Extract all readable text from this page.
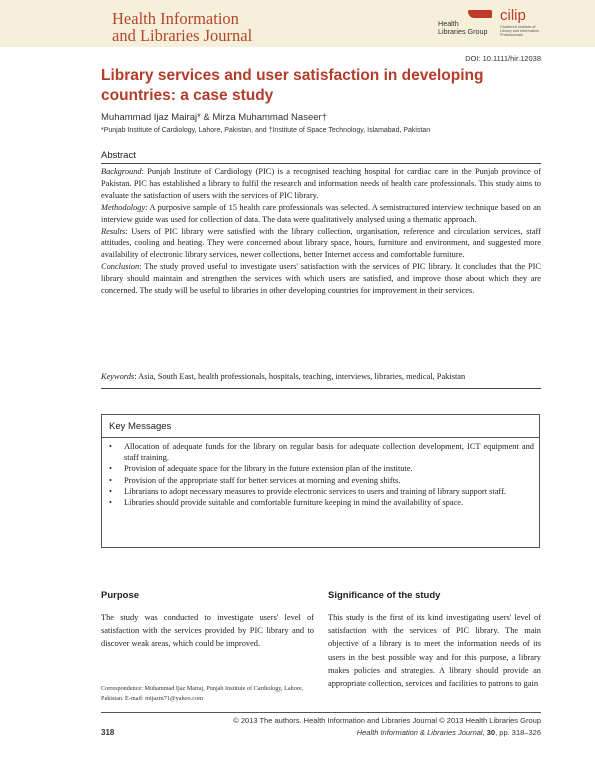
Health Information
and Libraries Journal
Health
Libraries Group
cilip
Chartered Institute of Library and Information Professionals
DOI: 10.1111/hir.12038
Library services and user satisfaction in developing countries: a case study
Muhammad Ijaz Mairaj* & Mirza Muhammad Naseer†
*Punjab Institute of Cardiology, Lahore, Pakistan, and †Institute of Space Technology, Islamabad, Pakistan
Abstract

Background: Punjab Institute of Cardiology (PIC) is a recognised teaching hospital for cardiac care in the Punjab province of Pakistan. PIC has established a library to fulfil the research and information needs of health care professionals. This study aims to evaluate the satisfaction of users with the services of PIC library.

Methodology: A purposive sample of 15 health care professionals was selected. A semistructured interview technique based on an interview guide was used for collection of data. The data were qualitatively analysed using a thematic approach.

Results: Users of PIC library were satisfied with the library collection, organisation, reference and circulation services, staff attitudes, cooling and heating. They were concerned about library space, hours, furniture and environment, and suggested more availability of electronic library services, newer collections, better Internet access and comfortable furniture.

Conclusion: The study proved useful to investigate users' satisfaction with the services of PIC library. It concludes that the PIC library should maintain and strengthen the services with which users are satisfied, and improve those about which they are concerned. The study will be useful to libraries in other developing countries for improvement in their services.

Keywords: Asia, South East, health professionals, hospitals, teaching, interviews, libraries, medical, Pakistan
Key Messages
• Allocation of adequate funds for the library on regular basis for adequate collection development, ICT equipment and staff training.
• Provision of adequate space for the library in the future extension plan of the institute.
• Provision of the appropriate staff for better services at morning and evening shifts.
• Librarians to adopt necessary measures to provide electronic services to users and training of library support staff.
• Libraries should provide suitable and comfortable furniture keeping in mind the availability of space.
Purpose

The study was conducted to investigate users' level of satisfaction with the services provided by PIC library and to discover weak areas, which could be improved.

Significance of the study

This study is the first of its kind investigating users' level of satisfaction with the services of PIC library. The main objective of a library is to meet the information needs of its users in the best possible way and for this purpose, a library makes policies and strategies. A library should provide an appropriate collection, services and facilities to patrons to gain

Correspondence: Muhammad Ijaz Mairaj, Punjab Institute of Cardiology, Lahore, Pakistan. E-mail: mijazm71@yahoo.com
© 2013 The authors. Health Information and Libraries Journal © 2013 Health Libraries Group
318	Health Information & Libraries Journal, 30, pp. 318–326
